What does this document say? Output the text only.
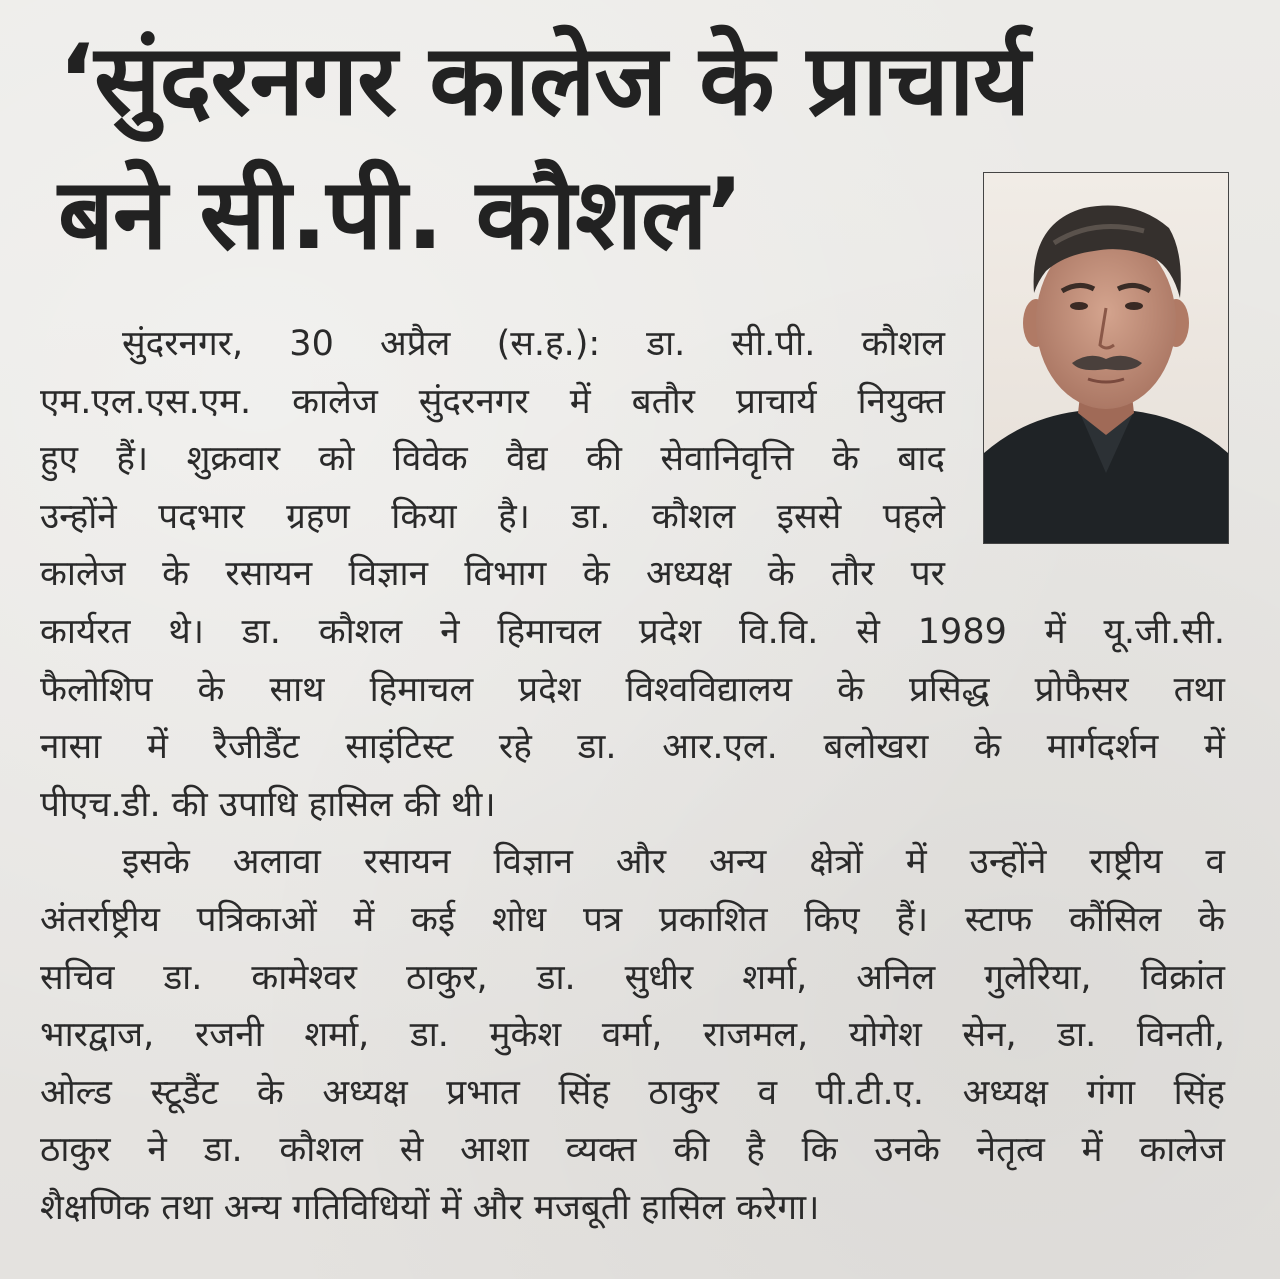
‘सुंदरनगर कालेज के प्राचार्य
बने सी.पी. कौशल’
सुंदरनगर, 30 अप्रैल (स.ह.): डा. सी.पी. कौशल
एम.एल.एस.एम. कालेज सुंदरनगर में बतौर प्राचार्य नियुक्त
हुए हैं। शुक्रवार को विवेक वैद्य की सेवानिवृत्ति के बाद
उन्होंने पदभार ग्रहण किया है। डा. कौशल इससे पहले
कालेज के रसायन विज्ञान विभाग के अध्यक्ष के तौर पर
कार्यरत थे। डा. कौशल ने हिमाचल प्रदेश वि.वि. से 1989 में यू.जी.सी.
फैलोशिप के साथ हिमाचल प्रदेश विश्वविद्यालय के प्रसिद्ध प्रोफैसर तथा
नासा में रैजीडैंट साइंटिस्ट रहे डा. आर.एल. बलोखरा के मार्गदर्शन में
पीएच.डी. की उपाधि हासिल की थी।
इसके अलावा रसायन विज्ञान और अन्य क्षेत्रों में उन्होंने राष्ट्रीय व
अंतर्राष्ट्रीय पत्रिकाओं में कई शोध पत्र प्रकाशित किए हैं। स्टाफ कौंसिल के
सचिव डा. कामेश्वर ठाकुर, डा. सुधीर शर्मा, अनिल गुलेरिया, विक्रांत
भारद्वाज, रजनी शर्मा, डा. मुकेश वर्मा, राजमल, योगेश सेन, डा. विनती,
ओल्ड स्टूडैंट के अध्यक्ष प्रभात सिंह ठाकुर व पी.टी.ए. अध्यक्ष गंगा सिंह
ठाकुर ने डा. कौशल से आशा व्यक्त की है कि उनके नेतृत्व में कालेज
शैक्षणिक तथा अन्य गतिविधियों में और मजबूती हासिल करेगा।
